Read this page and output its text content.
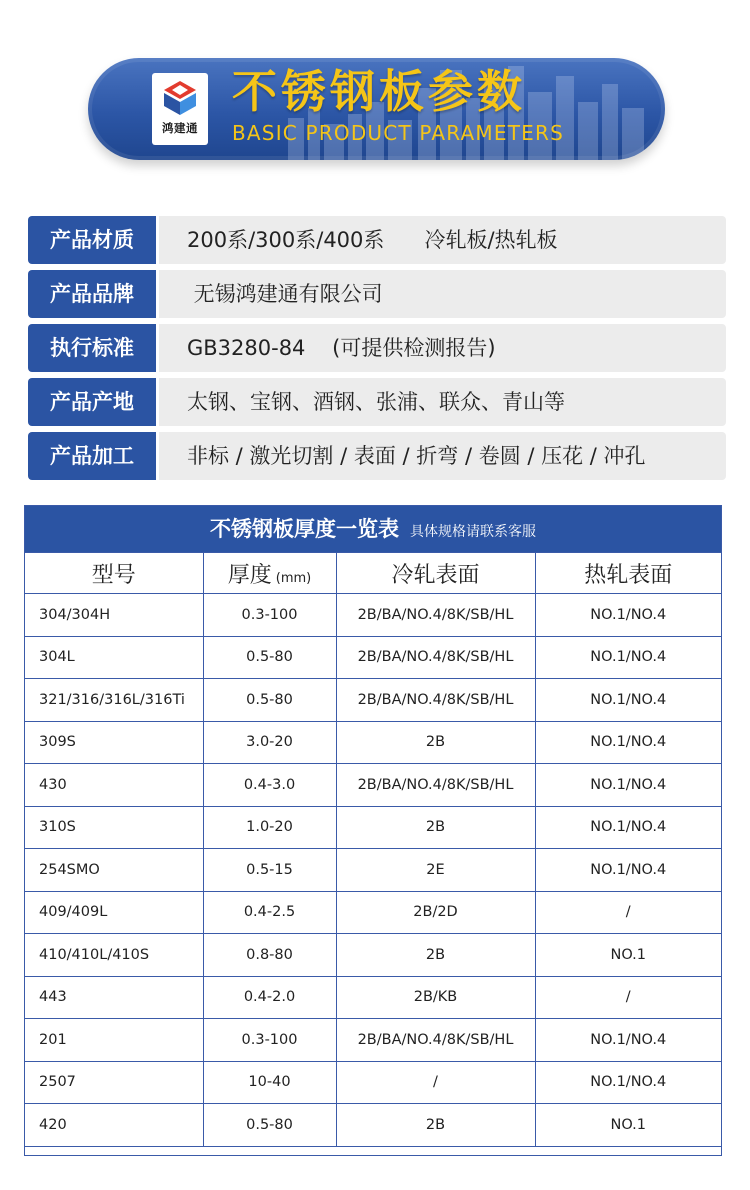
鸿建通
不锈钢板参数
BASIC PRODUCT PARAMETERS
产品材质	200系/300系/400系      冷轧板/热轧板
产品品牌	无锡鸿建通有限公司
执行标准	GB3280-84    (可提供检测报告)
产品产地	太钢、宝钢、酒钢、张浦、联众、青山等
产品加工	非标 / 激光切割 / 表面 / 折弯 / 卷圆 / 压花 / 冲孔
不锈钢板厚度一览表 具体规格请联系客服
型号	厚度 (mm)	冷轧表面	热轧表面
304/304H	0.3-100	2B/BA/NO.4/8K/SB/HL	NO.1/NO.4
304L	0.5-80	2B/BA/NO.4/8K/SB/HL	NO.1/NO.4
321/316/316L/316Ti	0.5-80	2B/BA/NO.4/8K/SB/HL	NO.1/NO.4
309S	3.0-20	2B	NO.1/NO.4
430	0.4-3.0	2B/BA/NO.4/8K/SB/HL	NO.1/NO.4
310S	1.0-20	2B	NO.1/NO.4
254SMO	0.5-15	2E	NO.1/NO.4
409/409L	0.4-2.5	2B/2D	/
410/410L/410S	0.8-80	2B	NO.1
443	0.4-2.0	2B/KB	/
201	0.3-100	2B/BA/NO.4/8K/SB/HL	NO.1/NO.4
2507	10-40	/	NO.1/NO.4
420	0.5-80	2B	NO.1
